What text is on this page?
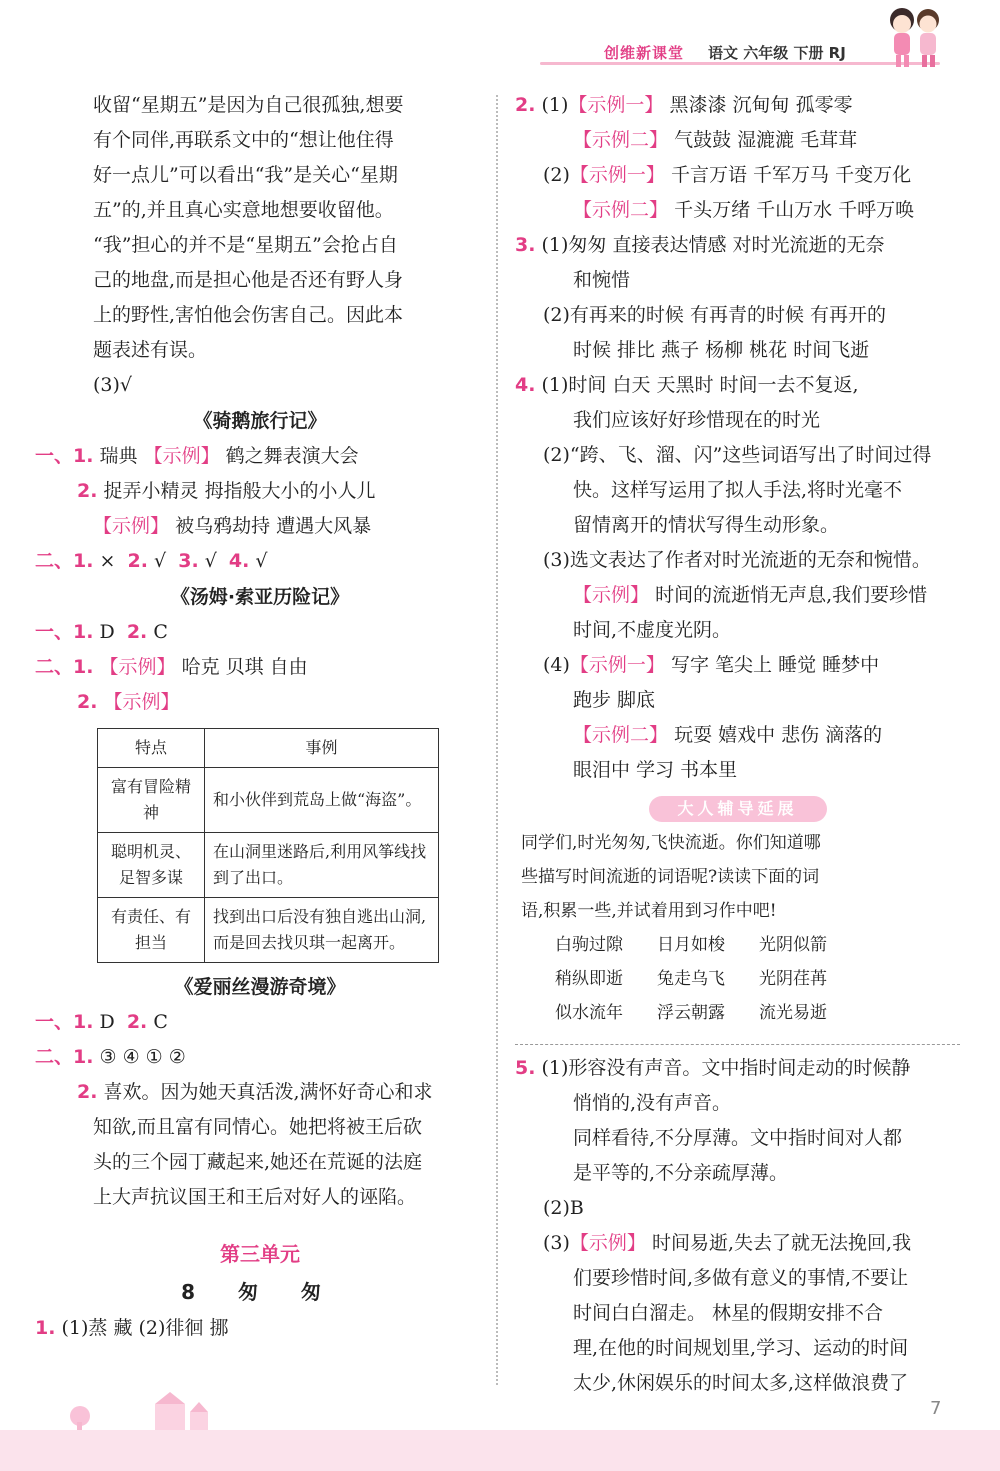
创维新课堂 语文 六年级 下册 RJ
收留“星期五”是因为自己很孤独,想要
有个同伴,再联系文中的“想让他住得
好一点儿”可以看出“我”是关心“星期
五”的,并且真心实意地想要收留他。
“我”担心的并不是“星期五”会抢占自
己的地盘,而是担心他是否还有野人身
上的野性,害怕他会伤害自己。因此本
题表述有误。
(3)√
《骑鹅旅行记》
一、1. 瑞典 【示例】 鹤之舞表演大会
2. 捉弄小精灵 拇指般大小的小人儿
【示例】 被乌鸦劫持 遭遇大风暴
二、1. × 2. √ 3. √ 4. √
《汤姆·索亚历险记》
一、1. D 2. C
二、1. 【示例】 哈克 贝琪 自由
2. 【示例】
特点	事例
富有冒险精神	和小伙伴到荒岛上做“海盗”。
聪明机灵、足智多谋	在山洞里迷路后,利用风筝线找到了出口。
有责任、有担当	找到出口后没有独自逃出山洞,而是回去找贝琪一起离开。
《爱丽丝漫游奇境》
一、1. D 2. C
二、1. ③ ④ ① ②
2. 喜欢。因为她天真活泼,满怀好奇心和求
知欲,而且富有同情心。她把将被王后砍
头的三个园丁藏起来,她还在荒诞的法庭
上大声抗议国王和王后对好人的诬陷。
第三单元
8 匆 匆
1. (1)蒸 藏 (2)徘徊 挪
2. (1)【示例一】 黑漆漆 沉甸甸 孤零零
【示例二】 气鼓鼓 湿漉漉 毛茸茸
(2)【示例一】 千言万语 千军万马 千变万化
【示例二】 千头万绪 千山万水 千呼万唤
3. (1)匆匆 直接表达情感 对时光流逝的无奈
和惋惜
(2)有再来的时候 有再青的时候 有再开的
时候 排比 燕子 杨柳 桃花 时间飞逝
4. (1)时间 白天 天黑时 时间一去不复返,
我们应该好好珍惜现在的时光
(2)“跨、飞、溜、闪”这些词语写出了时间过得
快。这样写运用了拟人手法,将时光毫不
留情离开的情状写得生动形象。
(3)选文表达了作者对时光流逝的无奈和惋惜。
【示例】 时间的流逝悄无声息,我们要珍惜
时间,不虚度光阴。
(4)【示例一】 写字 笔尖上 睡觉 睡梦中
跑步 脚底
【示例二】 玩耍 嬉戏中 悲伤 滴落的
眼泪中 学习 书本里
大人辅导延展
同学们,时光匆匆,飞快流逝。你们知道哪
些描写时间流逝的词语呢?读读下面的词
语,积累一些,并试着用到习作中吧!
白驹过隙	日月如梭	光阴似箭
稍纵即逝	兔走乌飞	光阴荏苒
似水流年	浮云朝露	流光易逝
5. (1)形容没有声音。文中指时间走动的时候静
悄悄的,没有声音。
同样看待,不分厚薄。文中指时间对人都
是平等的,不分亲疏厚薄。
(2)B
(3)【示例】 时间易逝,失去了就无法挽回,我
们要珍惜时间,多做有意义的事情,不要让
时间白白溜走。 林星的假期安排不合
理,在他的时间规划里,学习、运动的时间
太少,休闲娱乐的时间太多,这样做浪费了
7
